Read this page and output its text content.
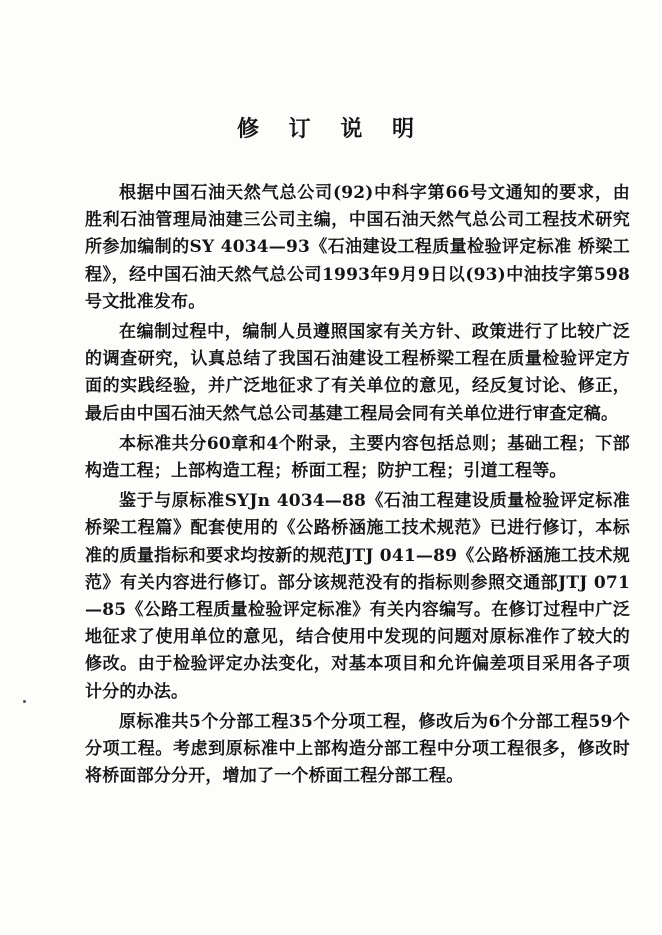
修 订 说 明

根据中国石油天然气总公司(92)中科字第66号文通知的要求，由胜利石油管理局油建三公司主编，中国石油天然气总公司工程技术研究所参加编制的SY 4034—93《石油建设工程质量检验评定标准 桥梁工程》，经中国石油天然气总公司1993年9月9日以(93)中油技字第598号文批准发布。

在编制过程中，编制人员遵照国家有关方针、政策进行了比较广泛的调查研究，认真总结了我国石油建设工程桥梁工程在质量检验评定方面的实践经验，并广泛地征求了有关单位的意见，经反复讨论、修正，最后由中国石油天然气总公司基建工程局会同有关单位进行审查定稿。

本标准共分60章和4个附录，主要内容包括总则；基础工程；下部构造工程；上部构造工程；桥面工程；防护工程；引道工程等。

鉴于与原标准SYJn 4034—88《石油工程建设质量检验评定标准 桥梁工程篇》配套使用的《公路桥涵施工技术规范》已进行修订，本标准的质量指标和要求均按新的规范JTJ 041—89《公路桥涵施工技术规范》有关内容进行修订。部分该规范没有的指标则参照交通部JTJ 071—85《公路工程质量检验评定标准》有关内容编写。在修订过程中广泛地征求了使用单位的意见，结合使用中发现的问题对原标准作了较大的修改。由于检验评定办法变化，对基本项目和允许偏差项目采用各子项计分的办法。

原标准共5个分部工程35个分项工程，修改后为6个分部工程59个分项工程。考虑到原标准中上部构造分部工程中分项工程很多，修改时将桥面部分分开，增加了一个桥面工程分部工程。
